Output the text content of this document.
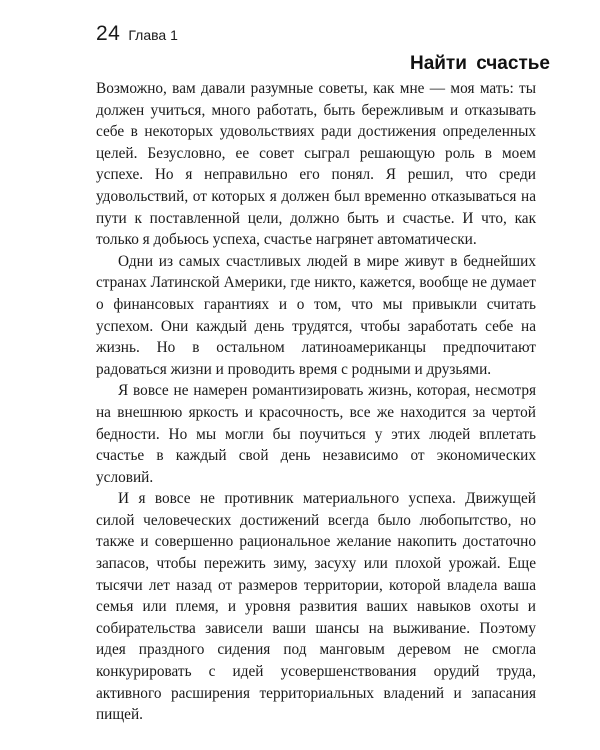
24 Глава 1
Найти счастье

Возможно, вам давали разумные советы, как мне — моя мать: ты должен учиться, много работать, быть бережливым и отказывать себе в некоторых удовольствиях ради достижения определенных целей. Безусловно, ее совет сыграл решающую роль в моем успехе. Но я неправильно его понял. Я решил, что среди удовольствий, от которых я должен был временно отказываться на пути к поставленной цели, должно быть и счастье. И что, как только я добьюсь успеха, счастье нагрянет автоматически.

Одни из самых счастливых людей в мире живут в беднейших странах Латинской Америки, где никто, кажется, вообще не думает о финансовых гарантиях и о том, что мы привыкли считать успехом. Они каждый день трудятся, чтобы заработать себе на жизнь. Но в остальном латиноамериканцы предпочитают радоваться жизни и проводить время с родными и друзьями.

Я вовсе не намерен романтизировать жизнь, которая, несмотря на внешнюю яркость и красочность, все же находится за чертой бедности. Но мы могли бы поучиться у этих людей вплетать счастье в каждый свой день независимо от экономических условий.

И я вовсе не противник материального успеха. Движущей силой человеческих достижений всегда было любопытство, но также и совершенно рациональное желание накопить достаточно запасов, чтобы пережить зиму, засуху или плохой урожай. Еще тысячи лет назад от размеров территории, которой владела ваша семья или племя, и уровня развития ваших навыков охоты и собирательства зависели ваши шансы на выживание. Поэтому идея праздного сидения под манговым деревом не смогла конкурировать с идей усовершенствования орудий труда, активного расширения территориальных владений и запасания пищей.
